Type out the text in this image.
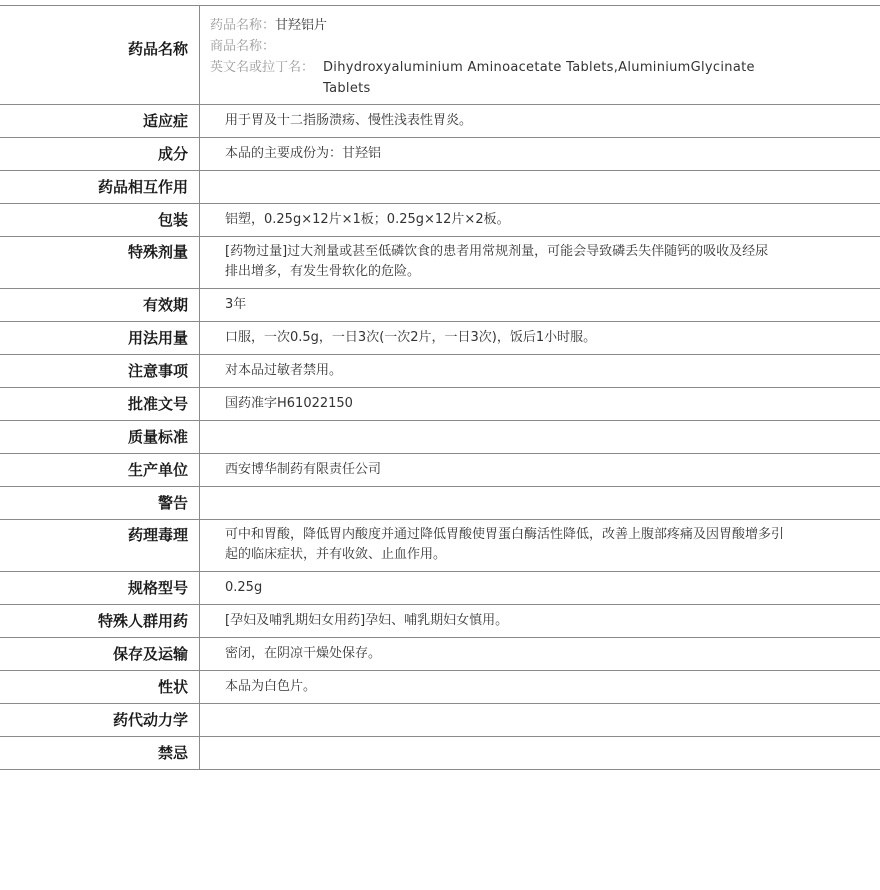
药品名称
药品名称： 甘羟铝片
商品名称：
英文名或拉丁名： Dihydroxyaluminium Aminoacetate Tablets,AluminiumGlycinate Tablets
适应症	用于胃及十二指肠溃疡、慢性浅表性胃炎。
成分	本品的主要成份为：甘羟铝
药品相互作用
包装	铝塑，0.25g×12片×1板；0.25g×12片×2板。
特殊剂量	[药物过量]过大剂量或甚至低磷饮食的患者用常规剂量，可能会导致磷丢失伴随钙的吸收及经尿排出增多，有发生骨软化的危险。
有效期	3年
用法用量	口服，一次0.5g，一日3次(一次2片，一日3次)，饭后1小时服。
注意事项	对本品过敏者禁用。
批准文号	国药准字H61022150
质量标准
生产单位	西安博华制药有限责任公司
警告
药理毒理	可中和胃酸，降低胃内酸度并通过降低胃酸使胃蛋白酶活性降低，改善上腹部疼痛及因胃酸增多引起的临床症状，并有收敛、止血作用。
规格型号	0.25g
特殊人群用药	[孕妇及哺乳期妇女用药]孕妇、哺乳期妇女慎用。
保存及运输	密闭，在阴凉干燥处保存。
性状	本品为白色片。
药代动力学
禁忌
